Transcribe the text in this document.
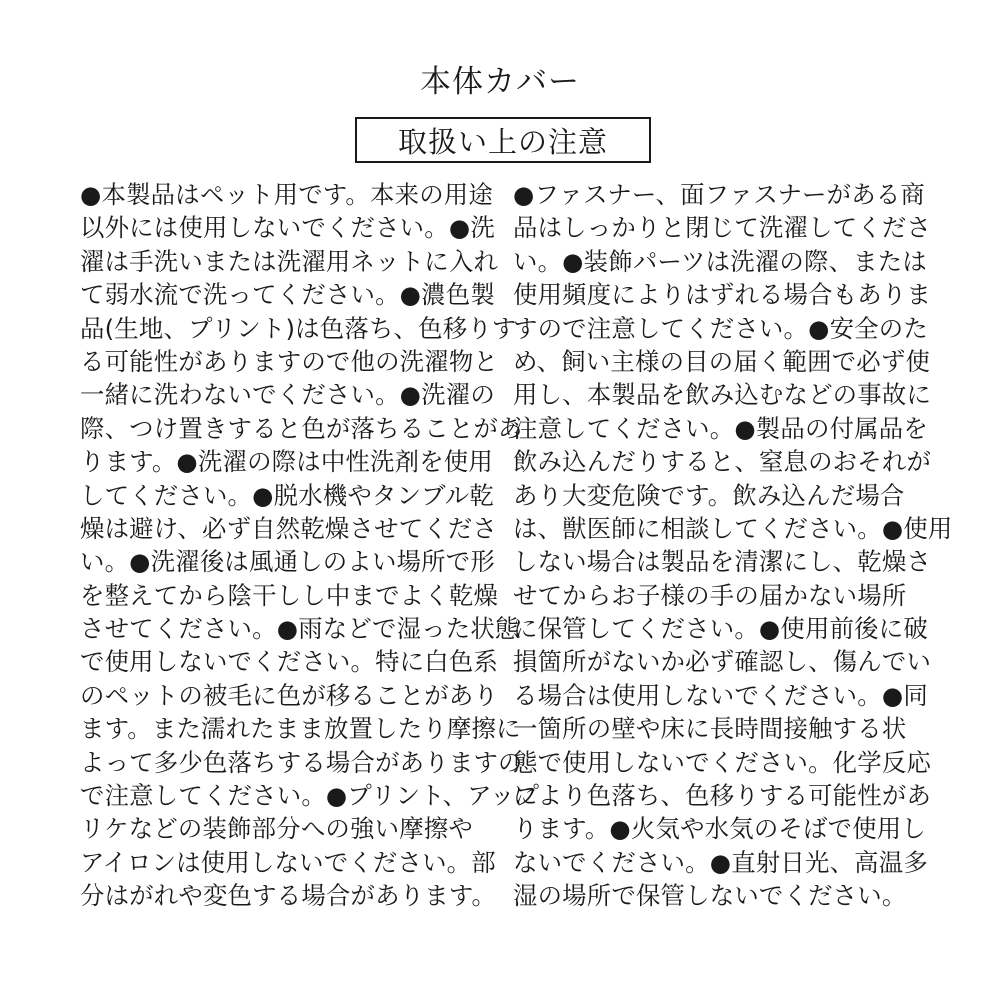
本体カバー
取扱い上の注意
●本製品はペット用です。本来の用途
以外には使用しないでください。●洗
濯は手洗いまたは洗濯用ネットに入れ
て弱水流で洗ってください。●濃色製
品(生地、プリント)は色落ち、色移りす
る可能性がありますので他の洗濯物と
一緒に洗わないでください。●洗濯の
際、つけ置きすると色が落ちることがあ
ります。●洗濯の際は中性洗剤を使用
してください。●脱水機やタンブル乾
燥は避け、必ず自然乾燥させてくださ
い。●洗濯後は風通しのよい場所で形
を整えてから陰干しし中までよく乾燥
させてください。●雨などで湿った状態
で使用しないでください。特に白色系
のペットの被毛に色が移ることがあり
ます。また濡れたまま放置したり摩擦に
よって多少色落ちする場合がありますの
で注意してください。●プリント、アップ
リケなどの装飾部分への強い摩擦や
アイロンは使用しないでください。部
分はがれや変色する場合があります。
●ファスナー、面ファスナーがある商
品はしっかりと閉じて洗濯してくださ
い。●装飾パーツは洗濯の際、または
使用頻度によりはずれる場合もありま
すので注意してください。●安全のた
め、飼い主様の目の届く範囲で必ず使
用し、本製品を飲み込むなどの事故に
注意してください。●製品の付属品を
飲み込んだりすると、窒息のおそれが
あり大変危険です。飲み込んだ場合
は、獣医師に相談してください。●使用
しない場合は製品を清潔にし、乾燥さ
せてからお子様の手の届かない場所
に保管してください。●使用前後に破
損箇所がないか必ず確認し、傷んでい
る場合は使用しないでください。●同
一箇所の壁や床に長時間接触する状
態で使用しないでください。化学反応
により色落ち、色移りする可能性があ
ります。●火気や水気のそばで使用し
ないでください。●直射日光、高温多
湿の場所で保管しないでください。
